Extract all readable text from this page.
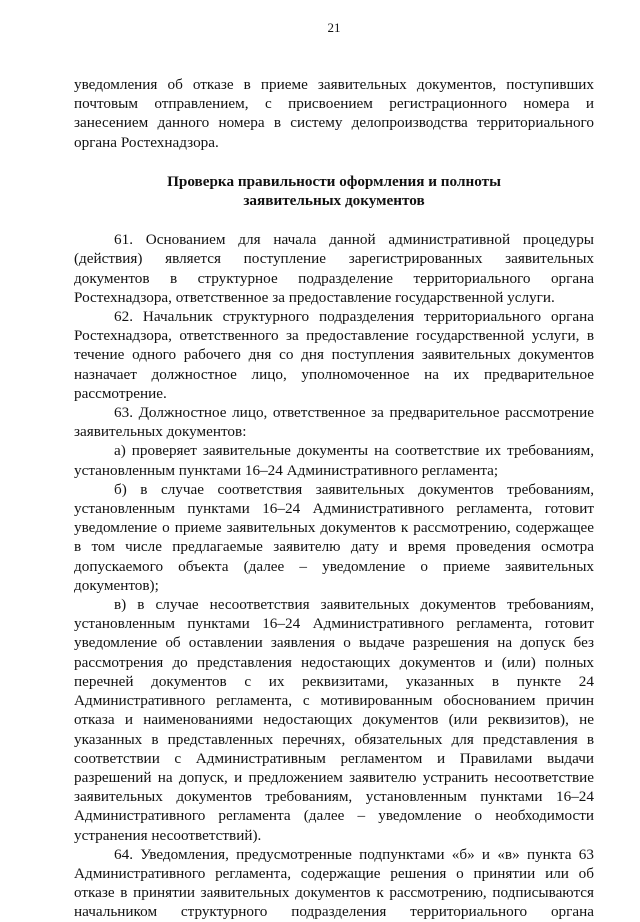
21

уведомления об отказе в приеме заявительных документов, поступивших почтовым отправлением, с присвоением регистрационного номера и занесением данного номера в систему делопроизводства территориального органа Ростехнадзора.

Проверка правильности оформления и полноты
заявительных документов

61. Основанием для начала данной административной процедуры (действия) является поступление зарегистрированных заявительных документов в структурное подразделение территориального органа Ростехнадзора, ответственное за предоставление государственной услуги.

62. Начальник структурного подразделения территориального органа Ростехнадзора, ответственного за предоставление государственной услуги, в течение одного рабочего дня со дня поступления заявительных документов назначает должностное лицо, уполномоченное на их предварительное рассмотрение.

63. Должностное лицо, ответственное за предварительное рассмотрение заявительных документов:

а) проверяет заявительные документы на соответствие их требованиям, установленным пунктами 16–24 Административного регламента;

б) в случае соответствия заявительных документов требованиям, установленным пунктами 16–24 Административного регламента, готовит уведомление о приеме заявительных документов к рассмотрению, содержащее в том числе предлагаемые заявителю дату и время проведения осмотра допускаемого объекта (далее – уведомление о приеме заявительных документов);

в) в случае несоответствия заявительных документов требованиям, установленным пунктами 16–24 Административного регламента, готовит уведомление об оставлении заявления о выдаче разрешения на допуск без рассмотрения до представления недостающих документов и (или) полных перечней документов с их реквизитами, указанных в пункте 24 Административного регламента, с мотивированным обоснованием причин отказа и наименованиями недостающих документов (или реквизитов), не указанных в представленных перечнях, обязательных для представления в соответствии с Административным регламентом и Правилами выдачи разрешений на допуск, и предложением заявителю устранить несоответствие заявительных документов требованиям, установленным пунктами 16–24 Административного регламента (далее – уведомление о необходимости устранения несоответствий).

64. Уведомления, предусмотренные подпунктами «б» и «в» пункта 63 Административного регламента, содержащие решения о принятии или об отказе в принятии заявительных документов к рассмотрению, подписываются начальником структурного подразделения территориального органа
